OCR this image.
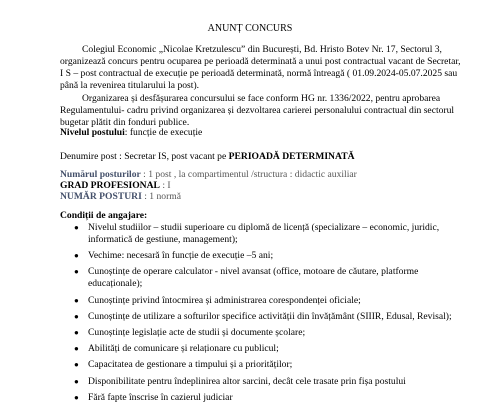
ANUNȚ CONCURS

Colegiul Economic „Nicolae Kretzulescu” din București, Bd. Hristo Botev Nr. 17, Sectorul 3, organizează concurs pentru ocuparea pe perioadă determinată a unui post contractual vacant de Secretar, I S – post contractual de execuție pe perioadă determinată, normă întreagă ( 01.09.2024-05.07.2025 sau până la revenirea titularului la post).

Organizarea și desfășurarea concursului se face conform HG nr. 1336/2022, pentru aprobarea Regulamentului- cadru privind organizarea și dezvoltarea carierei personalului contractual din sectorul bugetar plătit din fonduri publice.

Nivelul postului: funcție de execuție

Denumire post : Secretar IS, post vacant pe PERIOADĂ DETERMINATĂ

Numărul posturilor : 1 post , la compartimentul /structura : didactic auxiliar
GRAD PROFESIONAL : I
NUMĂR POSTURI : 1 normă

Condiții de angajare:

● Nivelul studiilor – studii superioare cu diplomă de licență (specializare – economic, juridic, informatică de gestiune, management);
● Vechime: necesară în funcție de execuție –5 ani;
● Cunoștințe de operare calculator - nivel avansat (office, motoare de căutare, platforme educaționale);
● Cunoștințe privind întocmirea și administrarea corespondenței oficiale;
● Cunoștințe de utilizare a softurilor specifice activității din învățământ (SIIIR, Edusal, Revisal);
● Cunoștințe legislație acte de studii și documente școlare;
● Abilități de comunicare și relaționare cu publicul;
● Capacitatea de gestionare a timpului și a priorităților;
● Disponibilitate pentru îndeplinirea altor sarcini, decât cele trasate prin fișa postului
● Fără fapte înscrise în cazierul judiciar
